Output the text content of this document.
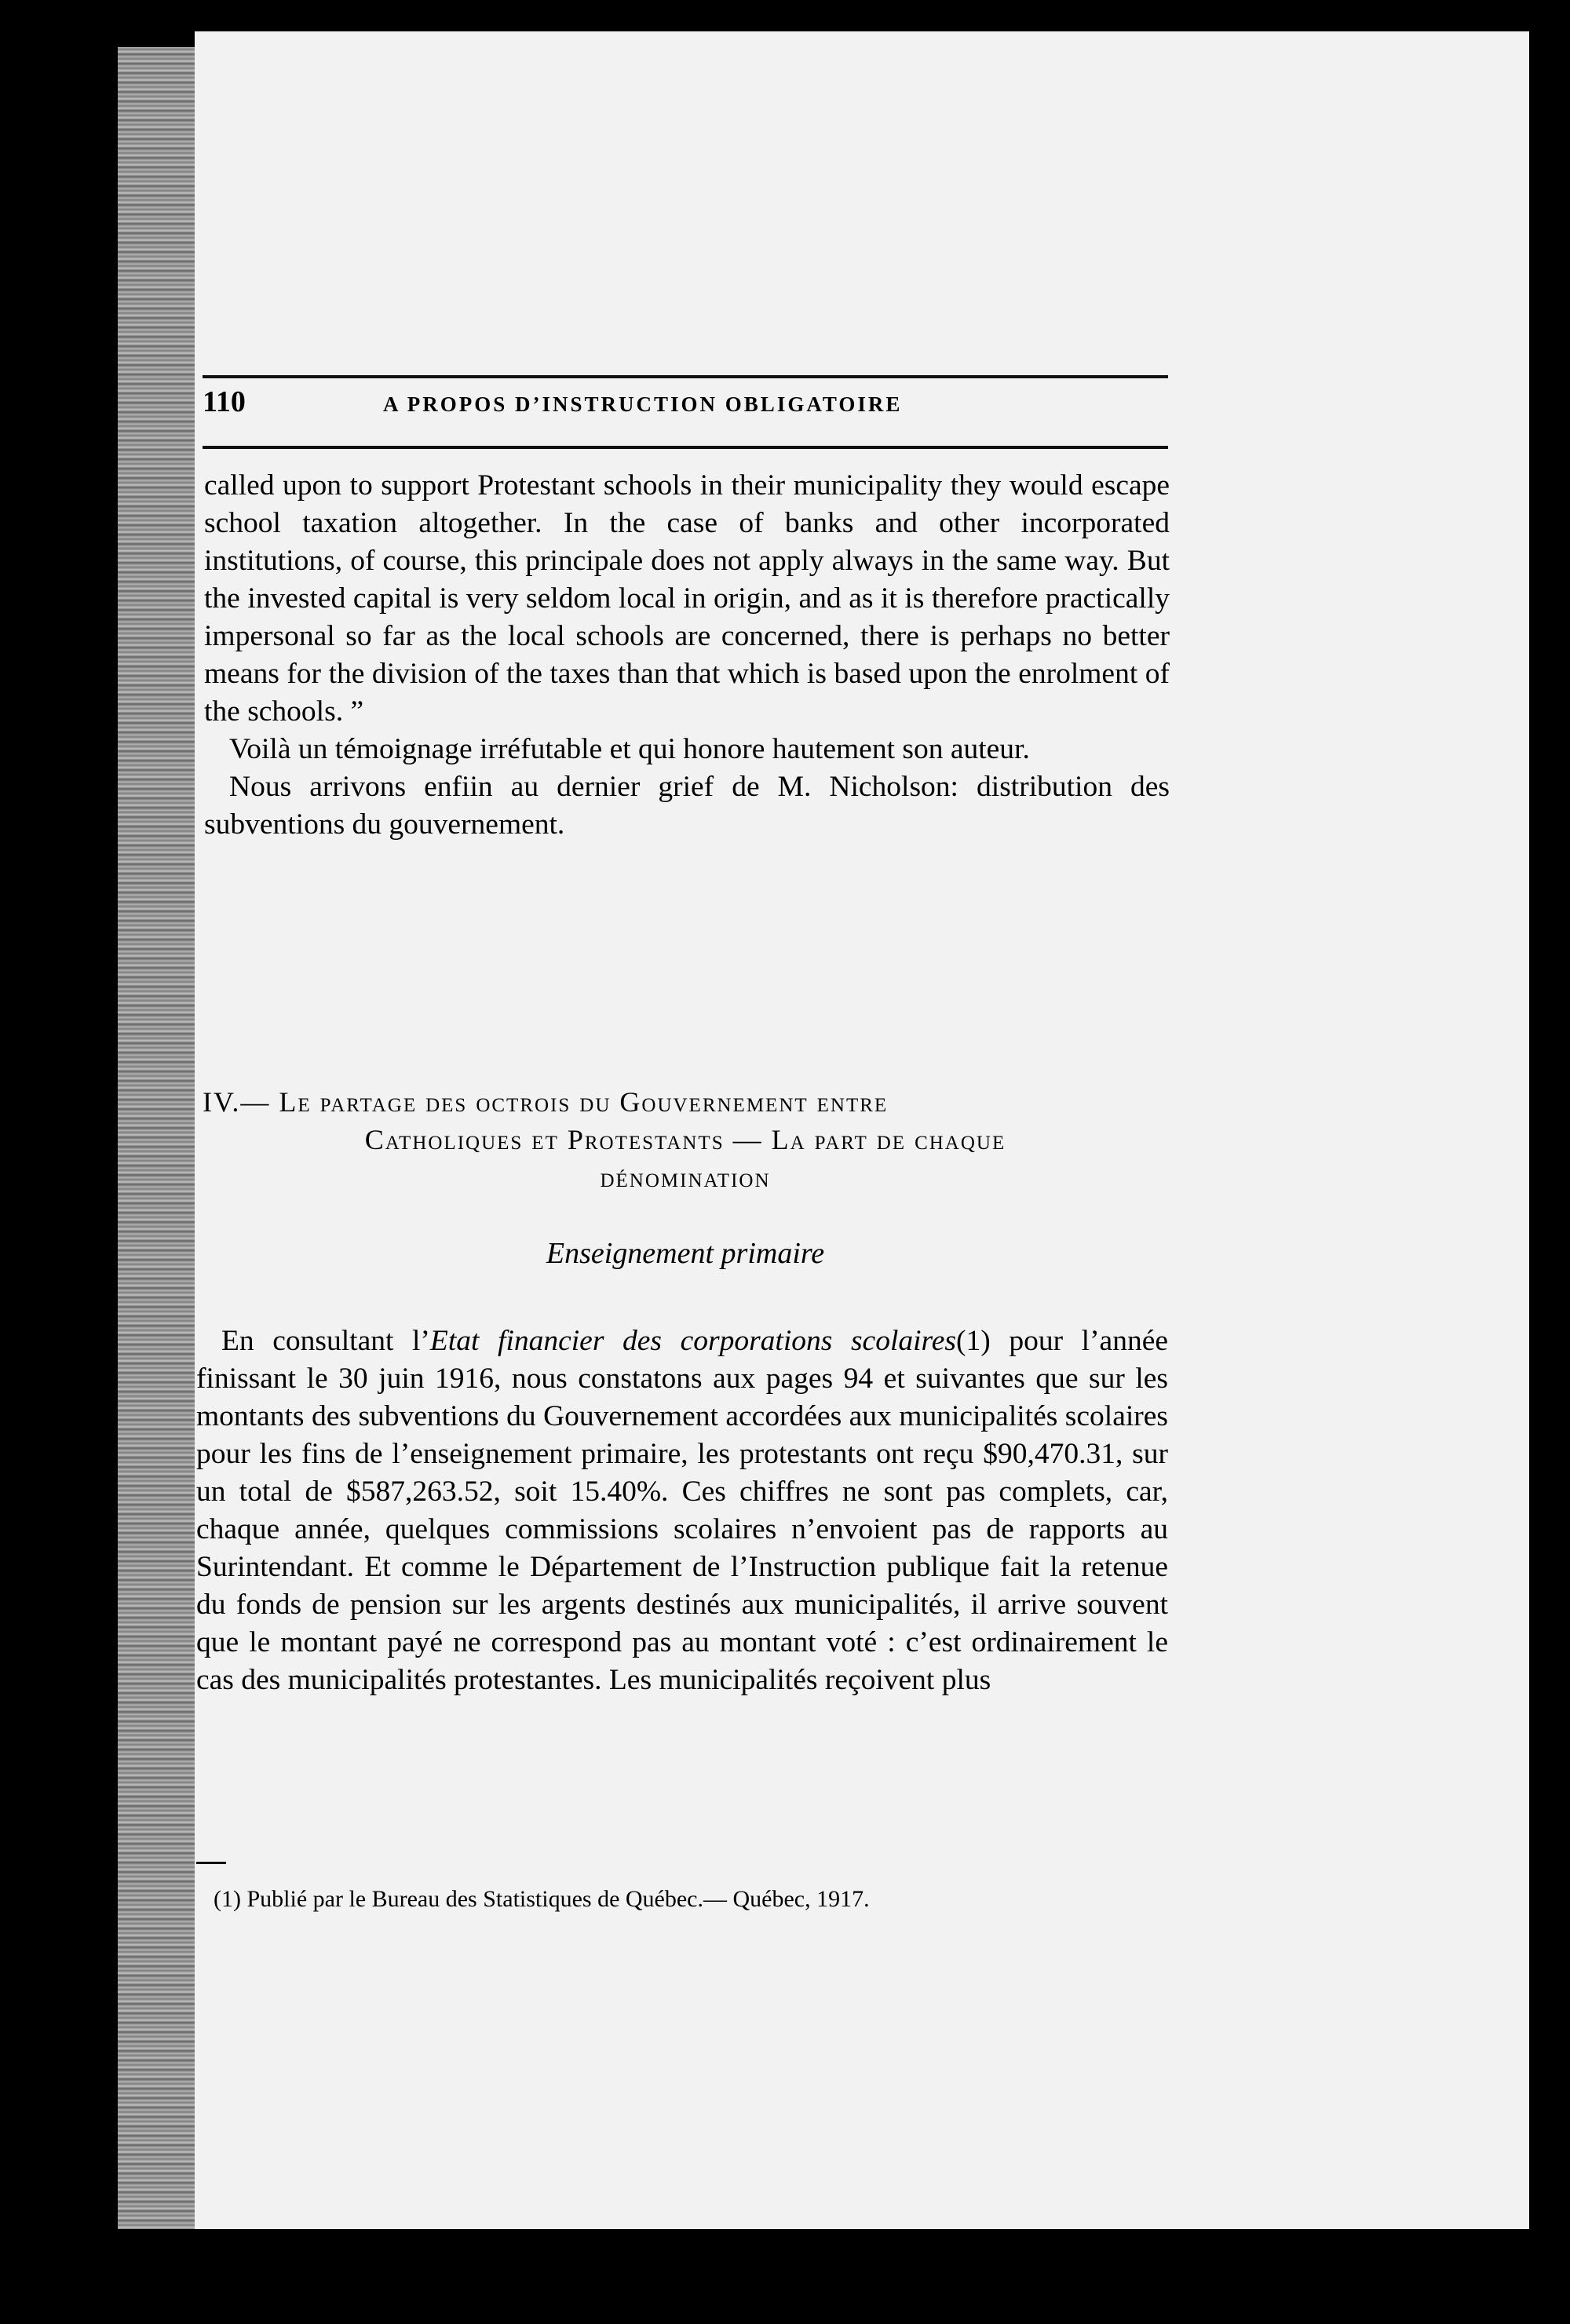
110	A PROPOS D’INSTRUCTION OBLIGATOIRE

called upon to support Protestant schools in their municipality they would escape school taxation altogether. In the case of banks and other incorporated institutions, of course, this principale does not apply always in the same way. But the invested capital is very seldom local in origin, and as it is therefore practically impersonal so far as the local schools are concerned, there is perhaps no better means for the division of the taxes than that which is based upon the enrolment of the schools. ”

Voilà un témoignage irréfutable et qui honore hautement son auteur.

Nous arrivons enfiin au dernier grief de M. Nicholson: distribution des subventions du gouvernement.

IV.— Le partage des octrois du Gouvernement entre
Catholiques et Protestants — La part de chaque
dénomination
Enseignement primaire

En consultant l’Etat financier des corporations scolaires(1) pour l’année finissant le 30 juin 1916, nous constatons aux pages 94 et suivantes que sur les montants des subventions du Gouvernement accordées aux municipalités scolaires pour les fins de l’enseignement primaire, les protestants ont reçu $90,470.31, sur un total de $587,263.52, soit 15.40%. Ces chiffres ne sont pas complets, car, chaque année, quelques commissions scolaires n’envoient pas de rapports au Surintendant. Et comme le Département de l’Instruction publique fait la retenue du fonds de pension sur les argents destinés aux municipalités, il arrive souvent que le montant payé ne correspond pas au montant voté : c’est ordinairement le cas des municipalités protestantes. Les municipalités reçoivent plus

(1) Publié par le Bureau des Statistiques de Québec.— Québec, 1917.
